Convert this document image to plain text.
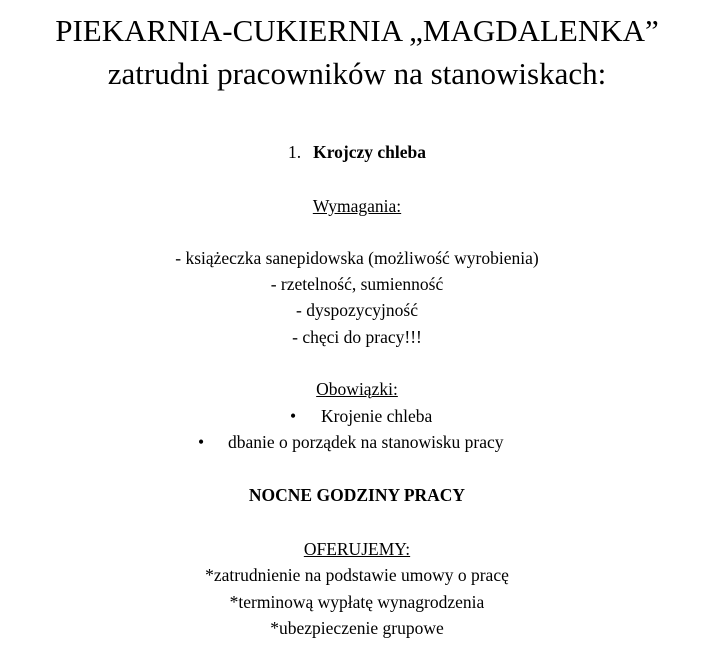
PIEKARNIA-CUKIERNIA „MAGDALENKA”
zatrudni pracowników na stanowiskach:
1. Krojczy chleba
Wymagania:
- książeczka sanepidowska (możliwość wyrobienia)
- rzetelność, sumienność
- dyspozycyjność
- chęci do pracy!!!
Obowiązki:
• Krojenie chleba
• dbanie o porządek na stanowisku pracy
NOCNE GODZINY PRACY
OFERUJEMY:
*zatrudnienie na podstawie umowy o pracę
*terminową wypłatę wynagrodzenia
*ubezpieczenie grupowe
